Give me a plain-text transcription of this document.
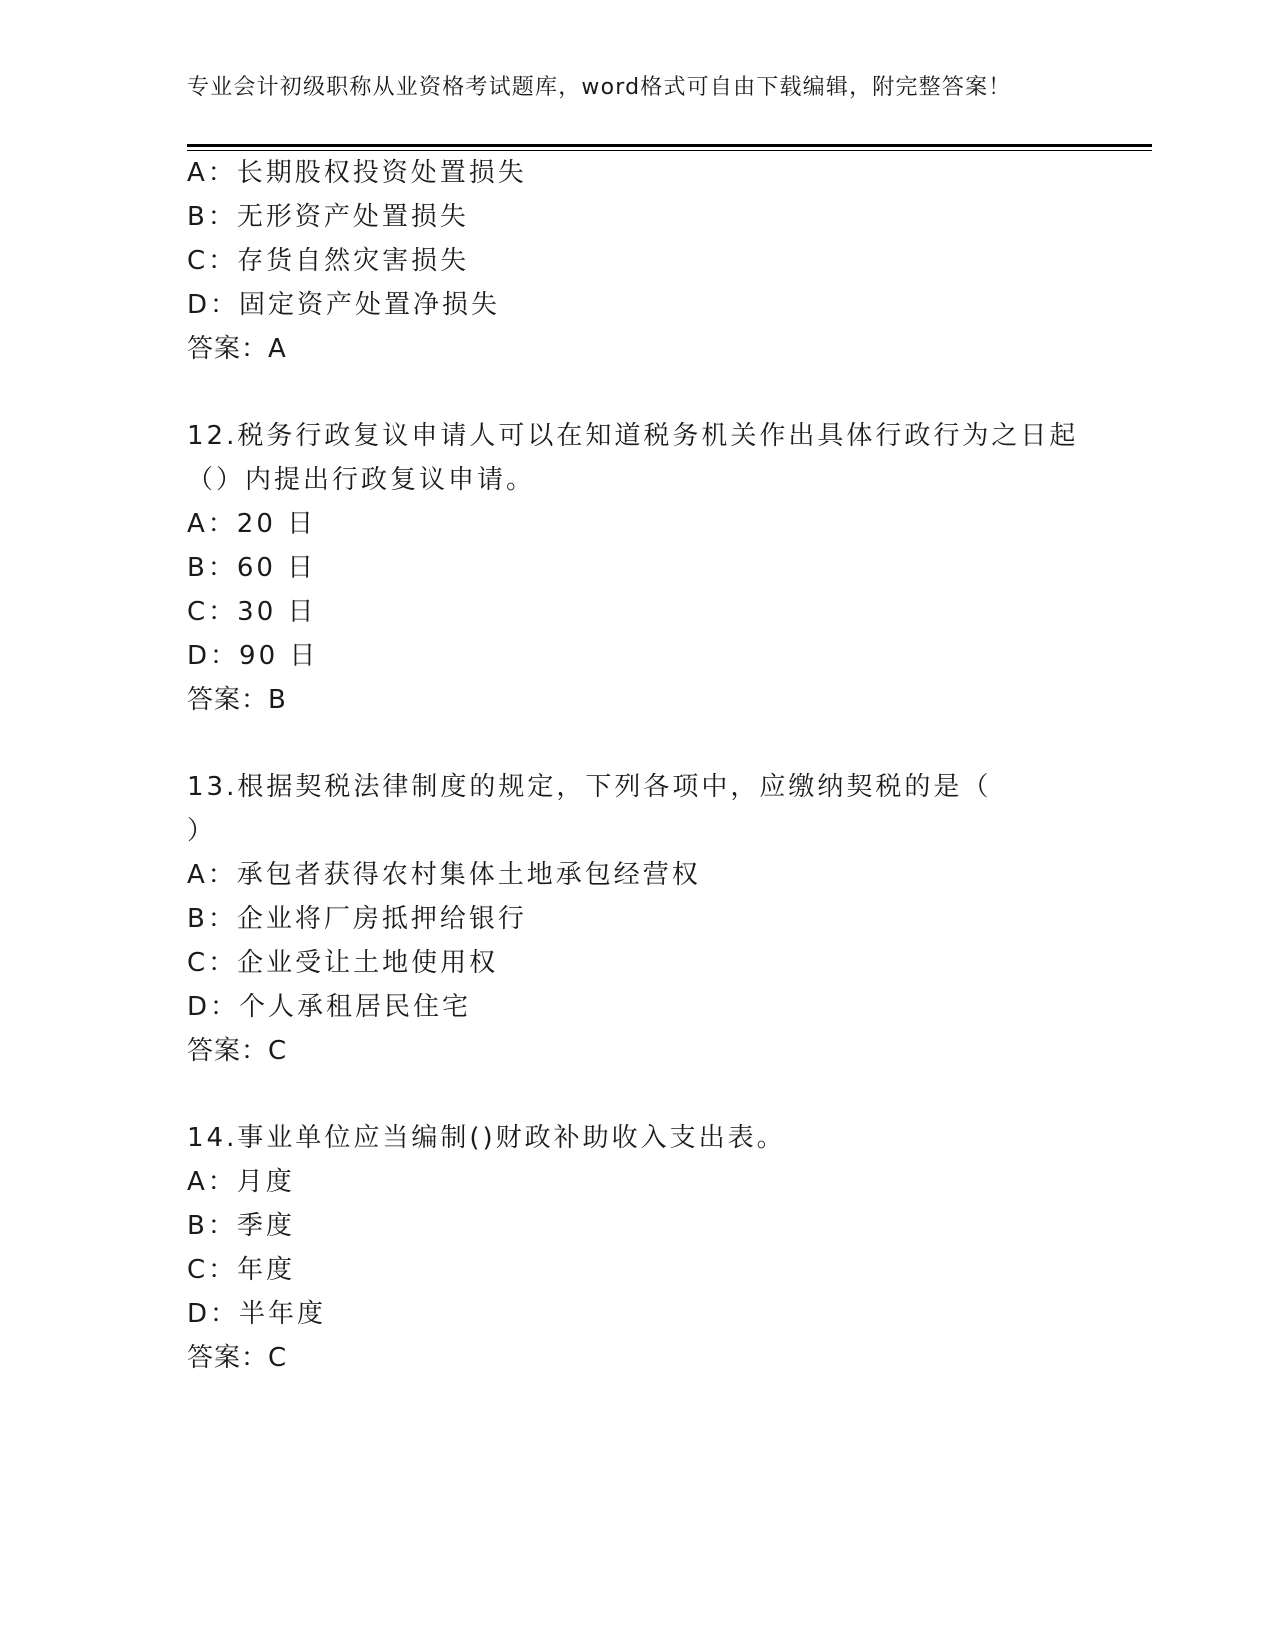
专业会计初级职称从业资格考试题库，word格式可自由下载编辑，附完整答案！
A：长期股权投资处置损失
B：无形资产处置损失
C：存货自然灾害损失
D：固定资产处置净损失
答案：A
12.税务行政复议申请人可以在知道税务机关作出具体行政行为之日起
（）内提出行政复议申请。
A：20 日
B：60 日
C：30 日
D：90 日
答案：B
13.根据契税法律制度的规定，下列各项中，应缴纳契税的是（
）
A：承包者获得农村集体土地承包经营权
B：企业将厂房抵押给银行
C：企业受让土地使用权
D：个人承租居民住宅
答案：C
14.事业单位应当编制()财政补助收入支出表。
A：月度
B：季度
C：年度
D：半年度
答案：C
